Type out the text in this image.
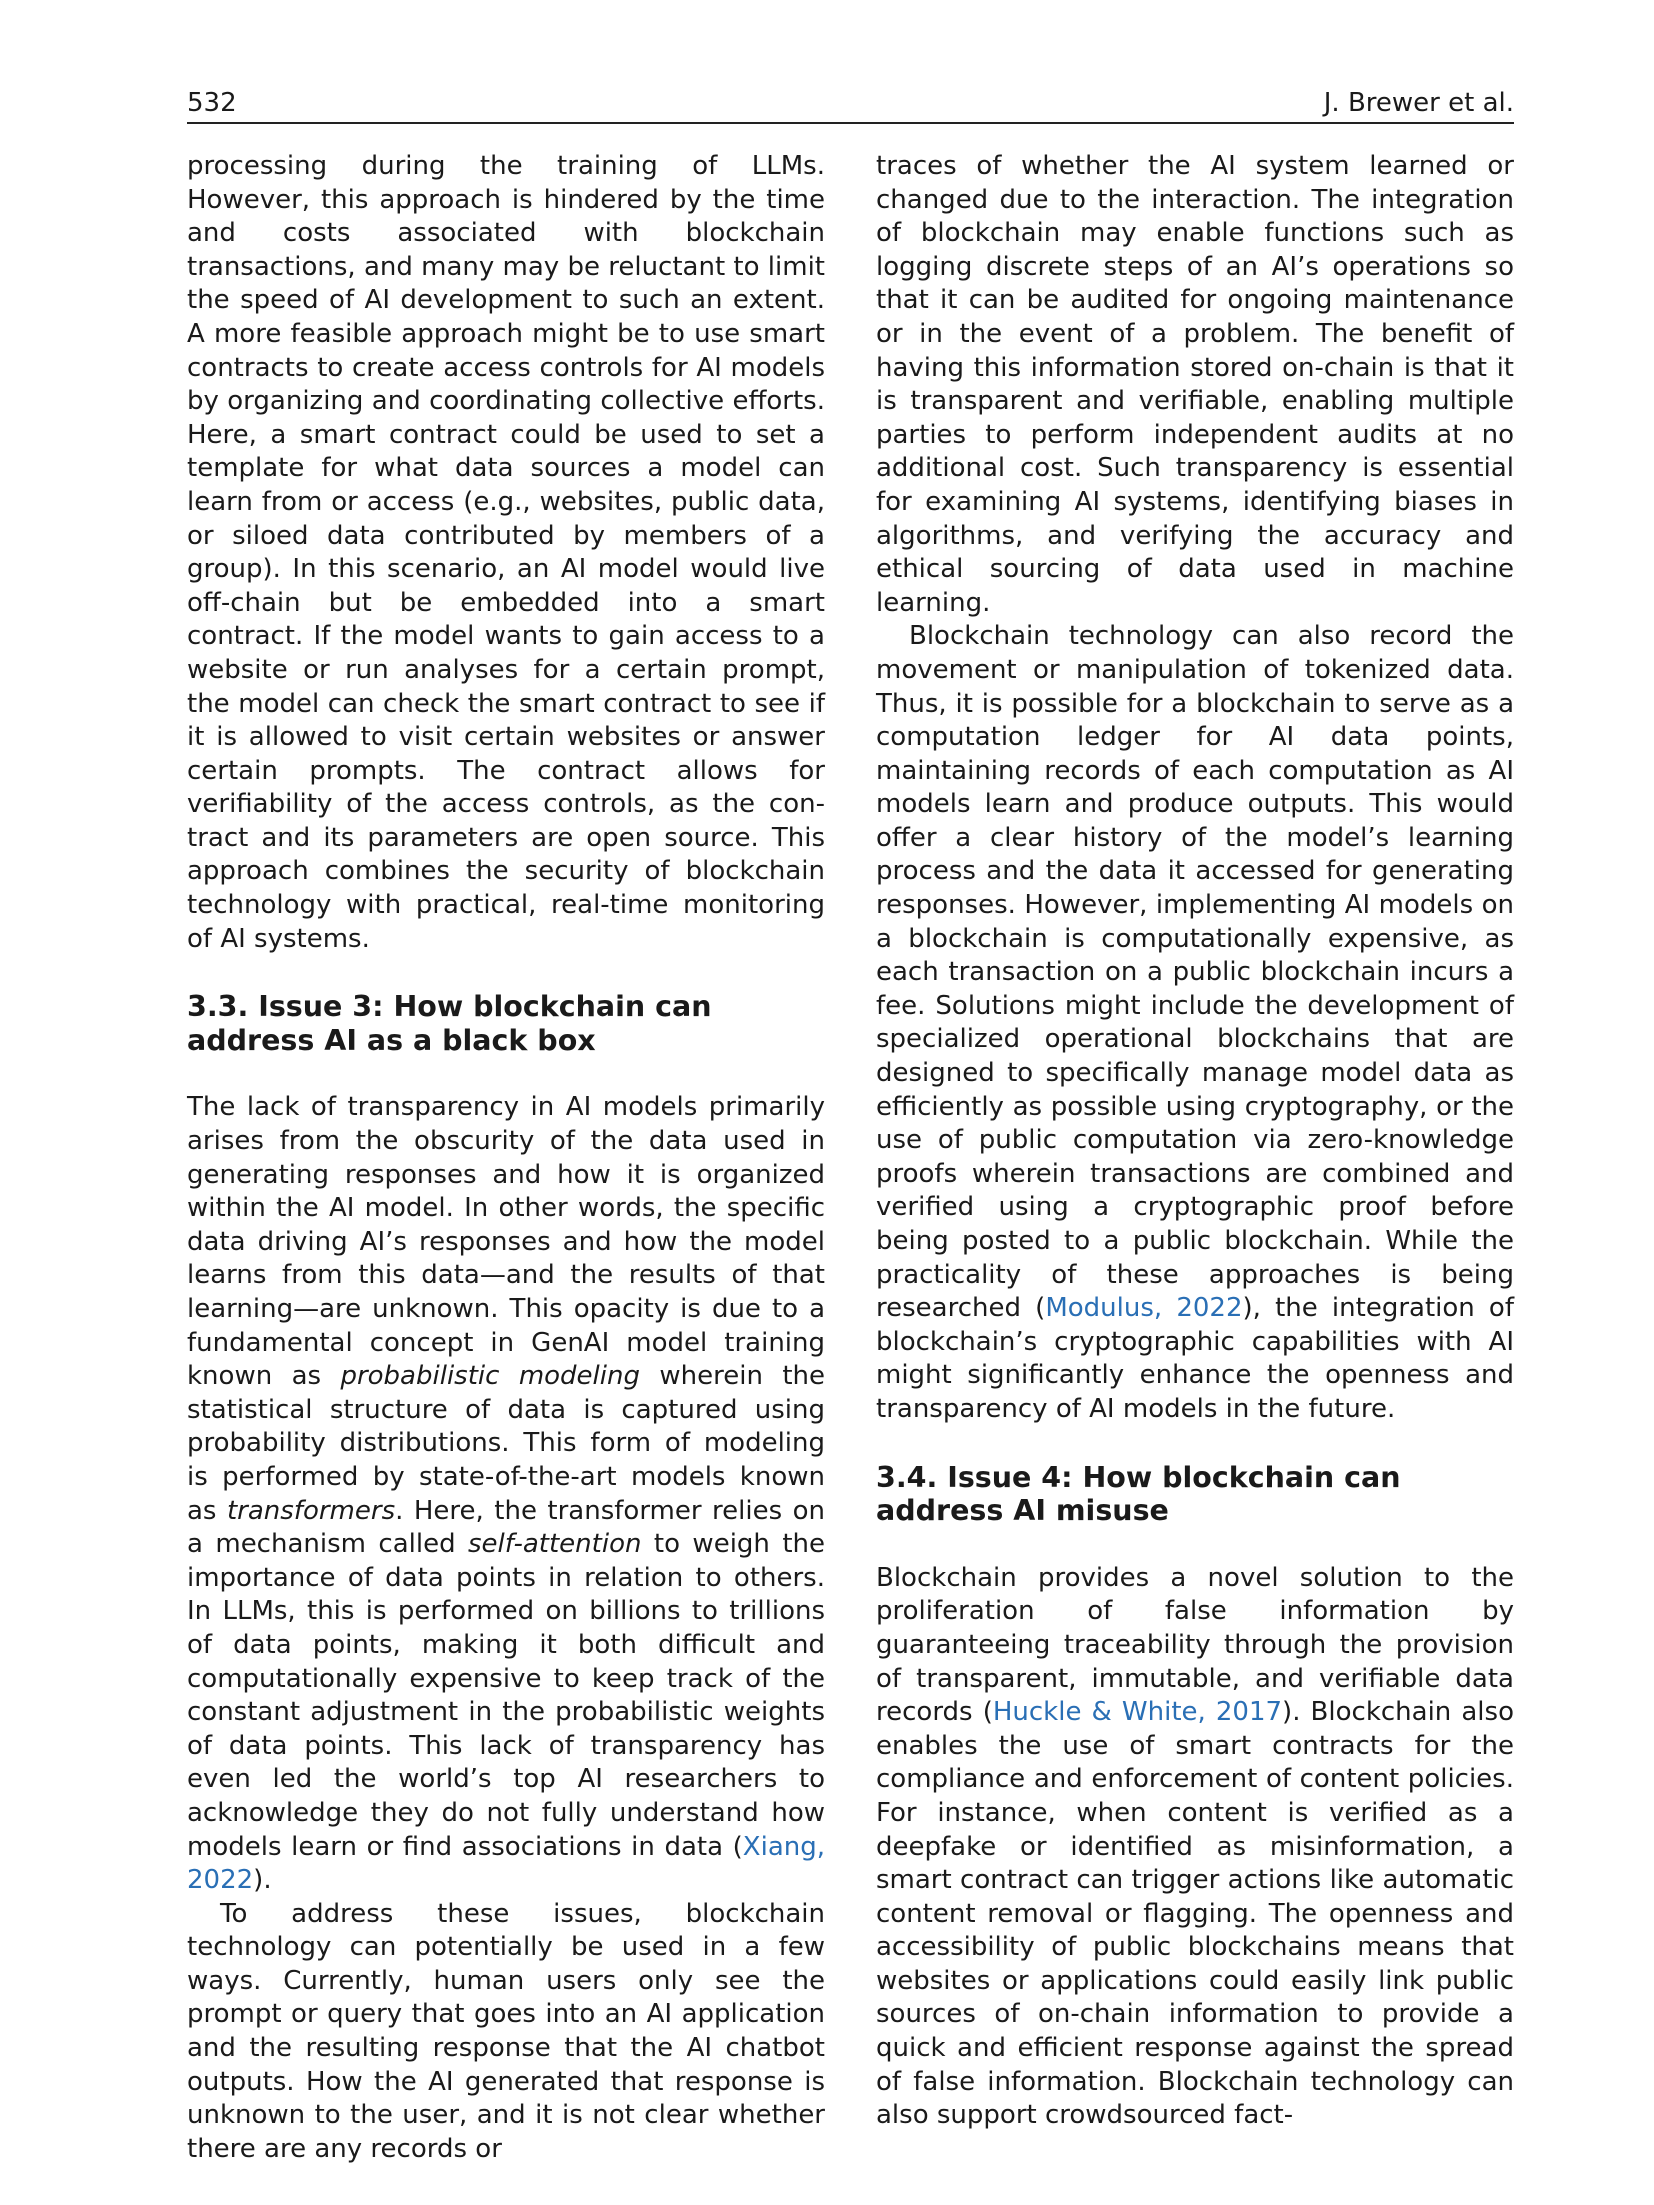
532	J. Brewer et al.

processing during the training of LLMs. However, this approach is hindered by the time and costs associated with blockchain transactions, and many may be reluctant to limit the speed of AI development to such an extent. A more feasible approach might be to use smart contracts to create access controls for AI models by organizing and coordinating collective efforts. Here, a smart contract could be used to set a template for what data sources a model can learn from or access (e.g., websites, public data, or siloed data contributed by members of a group). In this scenario, an AI model would live off-chain but be embedded into a smart contract. If the model wants to gain access to a website or run analyses for a certain prompt, the model can check the smart contract to see if it is allowed to visit certain websites or answer certain prompts. The contract allows for verifiability of the access controls, as the contract and its parameters are open source. This approach combines the security of blockchain technology with practical, real-time monitoring of AI systems.

3.3. Issue 3: How blockchain can address AI as a black box

The lack of transparency in AI models primarily arises from the obscurity of the data used in generating responses and how it is organized within the AI model. In other words, the specific data driving AI’s responses and how the model learns from this data—and the results of that learning—are unknown. This opacity is due to a fundamental concept in GenAI model training known as probabilistic modeling wherein the statistical structure of data is captured using probability distributions. This form of modeling is performed by state-of-the-art models known as transformers. Here, the transformer relies on a mechanism called self-attention to weigh the importance of data points in relation to others. In LLMs, this is performed on billions to trillions of data points, making it both difficult and computationally expensive to keep track of the constant adjustment in the probabilistic weights of data points. This lack of transparency has even led the world’s top AI researchers to acknowledge they do not fully understand how models learn or find associations in data (Xiang, 2022).

To address these issues, blockchain technology can potentially be used in a few ways. Currently, human users only see the prompt or query that goes into an AI application and the resulting response that the AI chatbot outputs. How the AI generated that response is unknown to the user, and it is not clear whether there are any records or

traces of whether the AI system learned or changed due to the interaction. The integration of blockchain may enable functions such as logging discrete steps of an AI’s operations so that it can be audited for ongoing maintenance or in the event of a problem. The benefit of having this information stored on-chain is that it is transparent and verifiable, enabling multiple parties to perform independent audits at no additional cost. Such transparency is essential for examining AI systems, identifying biases in algorithms, and verifying the accuracy and ethical sourcing of data used in machine learning.

Blockchain technology can also record the movement or manipulation of tokenized data. Thus, it is possible for a blockchain to serve as a computation ledger for AI data points, maintaining records of each computation as AI models learn and produce outputs. This would offer a clear history of the model’s learning process and the data it accessed for generating responses. However, implementing AI models on a blockchain is computationally expensive, as each transaction on a public blockchain incurs a fee. Solutions might include the development of specialized operational blockchains that are designed to specifically manage model data as efficiently as possible using cryptography, or the use of public computation via zero-knowledge proofs wherein transactions are combined and verified using a cryptographic proof before being posted to a public blockchain. While the practicality of these approaches is being researched (Modulus, 2022), the integration of blockchain’s cryptographic capabilities with AI might significantly enhance the openness and transparency of AI models in the future.

3.4. Issue 4: How blockchain can address AI misuse

Blockchain provides a novel solution to the proliferation of false information by guaranteeing traceability through the provision of transparent, immutable, and verifiable data records (Huckle & White, 2017). Blockchain also enables the use of smart contracts for the compliance and enforcement of content policies. For instance, when content is verified as a deepfake or identified as misinformation, a smart contract can trigger actions like automatic content removal or flagging. The openness and accessibility of public blockchains means that websites or applications could easily link public sources of on-chain information to provide a quick and efficient response against the spread of false information. Blockchain technology can also support crowdsourced fact-
